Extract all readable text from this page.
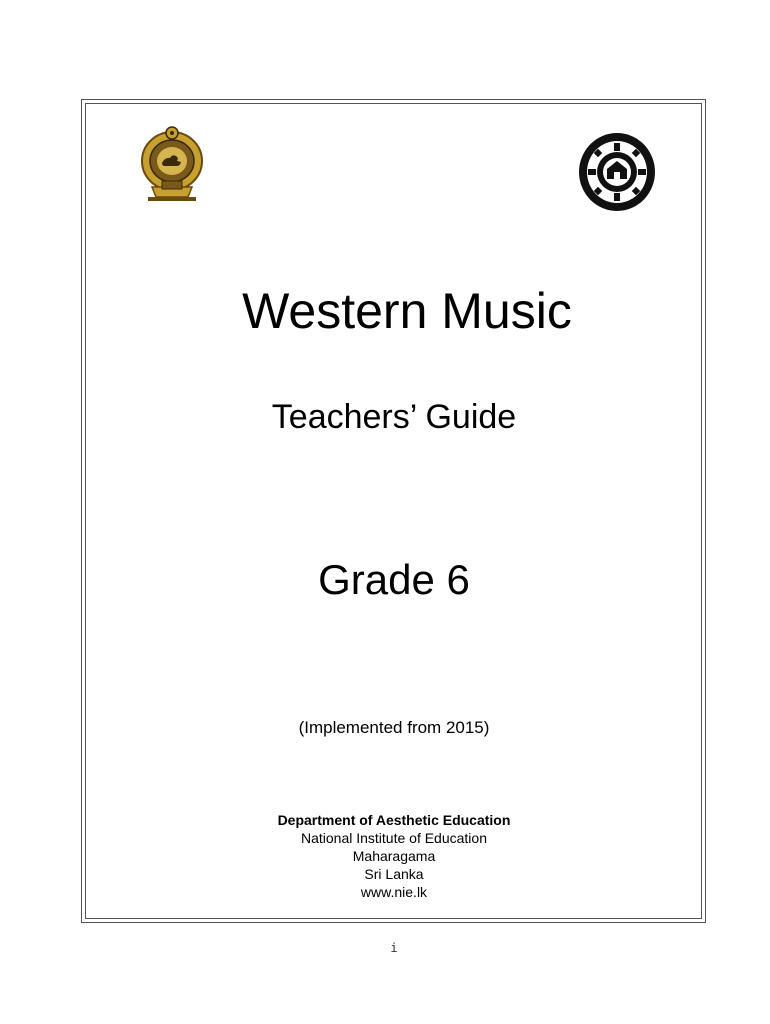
Western Music
Teachers’ Guide
Grade 6
(Implemented from 2015)
Department of Aesthetic Education
National Institute of Education
Maharagama
Sri Lanka
www.nie.lk
i
